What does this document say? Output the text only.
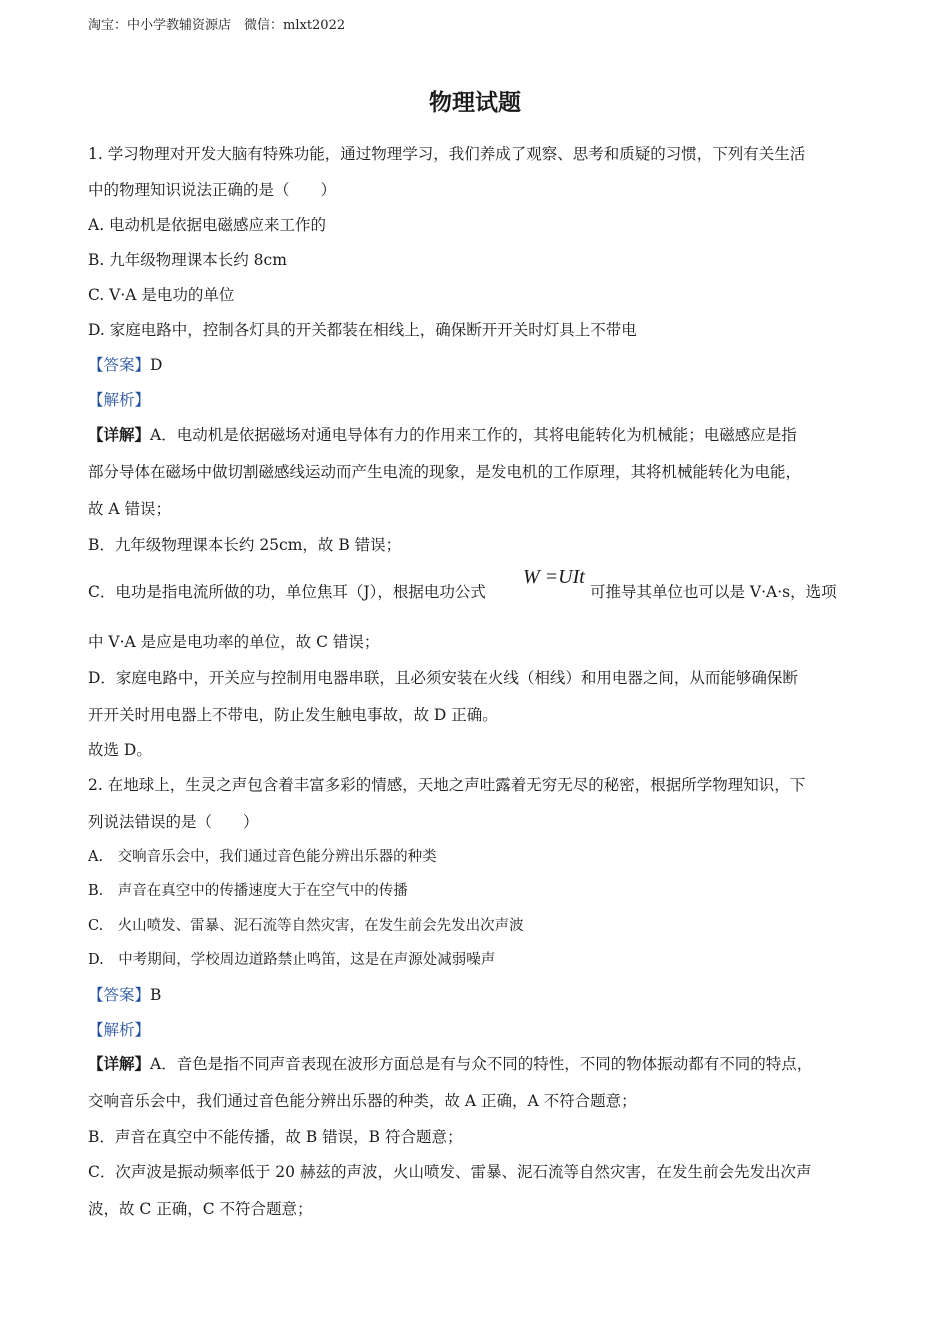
淘宝：中小学教辅资源店　微信：mlxt2022
物理试题
1. 学习物理对开发大脑有特殊功能，通过物理学习，我们养成了观察、思考和质疑的习惯，下列有关生活
中的物理知识说法正确的是（　　）
A. 电动机是依据电磁感应来工作的
B. 九年级物理课本长约 8cm
C. V·A 是电功的单位
D. 家庭电路中，控制各灯具的开关都装在相线上，确保断开开关时灯具上不带电
【答案】D
【解析】
【详解】A．电动机是依据磁场对通电导体有力的作用来工作的，其将电能转化为机械能；电磁感应是指
部分导体在磁场中做切割磁感线运动而产生电流的现象，是发电机的工作原理，其将机械能转化为电能，
故 A 错误；
B．九年级物理课本长约 25cm，故 B 错误；
C．电功是指电流所做的功，单位焦耳（J），根据电功公式
W =UIt
可推导其单位也可以是 V·A·s，选项
中 V·A 是应是电功率的单位，故 C 错误；
D．家庭电路中，开关应与控制用电器串联，且必须安装在火线（相线）和用电器之间，从而能够确保断
开开关时用电器上不带电，防止发生触电事故，故 D 正确。
故选 D。
2. 在地球上，生灵之声包含着丰富多彩的情感，天地之声吐露着无穷无尽的秘密，根据所学物理知识，下
列说法错误的是（　　）
A.　交响音乐会中，我们通过音色能分辨出乐器的种类
B.　声音在真空中的传播速度大于在空气中的传播
C.　火山喷发、雷暴、泥石流等自然灾害，在发生前会先发出次声波
D.　中考期间，学校周边道路禁止鸣笛，这是在声源处减弱噪声
【答案】B
【解析】
【详解】A．音色是指不同声音表现在波形方面总是有与众不同的特性，不同的物体振动都有不同的特点，
交响音乐会中，我们通过音色能分辨出乐器的种类，故 A 正确，A 不符合题意；
B．声音在真空中不能传播，故 B 错误，B 符合题意；
C．次声波是振动频率低于 20 赫兹的声波，火山喷发、雷暴、泥石流等自然灾害，在发生前会先发出次声
波，故 C 正确，C 不符合题意；
